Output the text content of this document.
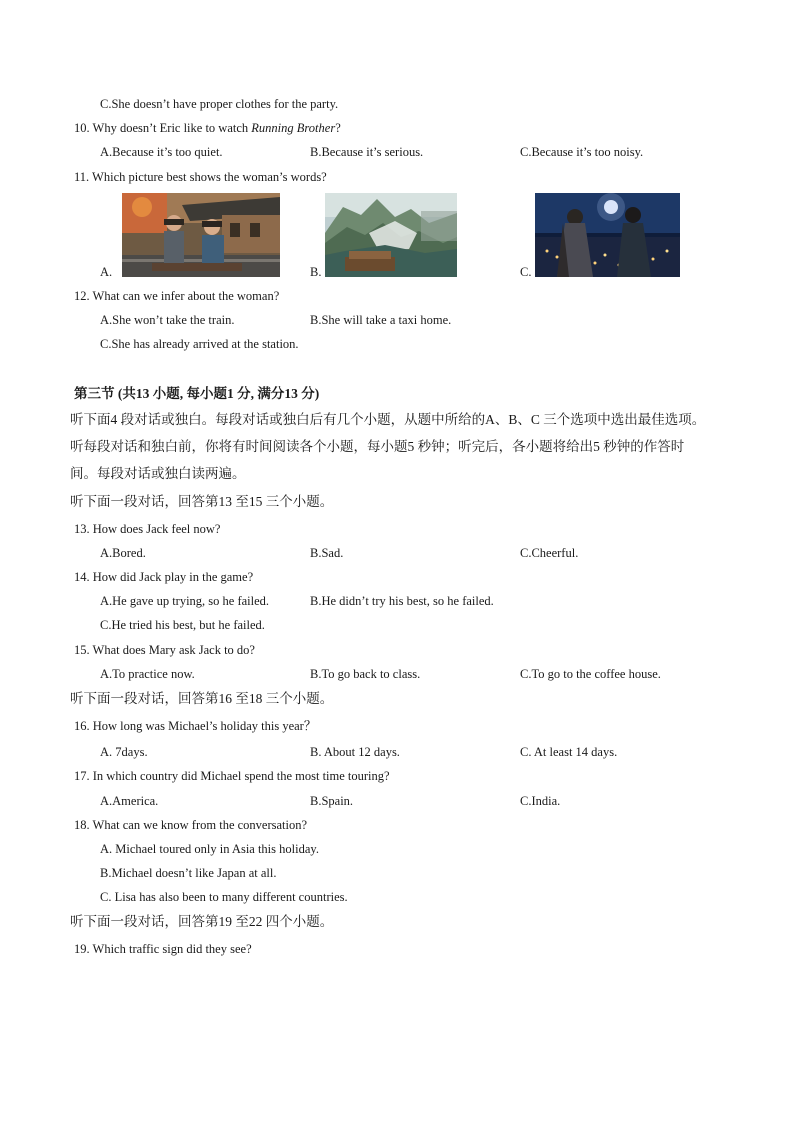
C.She doesn’t have proper clothes for the party.
10. Why doesn’t Eric like to watch Running Brother?
A.Because it’s too quiet.	B.Because it’s serious.	C.Because it’s too noisy.
11. Which picture best shows the woman’s words?
A.	B.	C.
12. What can we infer about the woman?
A.She won’t take the train.	B.She will take a taxi home.
C.She has already arrived at the station.
第三节 (共13 小题, 每小题1 分, 满分13 分)
听下面4 段对话或独白。每段对话或独白后有几个小题，从题中所给的A、B、C 三个选项中选出最佳选项。
听每段对话和独白前，你将有时间阅读各个小题，每小题5 秒钟；听完后，各小题将给出5 秒钟的作答时
间。每段对话或独白读两遍。
听下面一段对话，回答第13 至15 三个小题。
13. How does Jack feel now?
A.Bored.	B.Sad.	C.Cheerful.
14. How did Jack play in the game?
A.He gave up trying, so he failed.	B.He didn’t try his best, so he failed.
C.He tried his best, but he failed.
15. What does Mary ask Jack to do?
A.To practice now.	B.To go back to class.	C.To go to the coffee house.
听下面一段对话，回答第16 至18 三个小题。
16. How long was Michael’s holiday this year？
A. 7days.	B. About 12 days.	C. At least 14 days.
17. In which country did Michael spend the most time touring?
A.America.	B.Spain.	C.India.
18. What can we know from the conversation?
A. Michael toured only in Asia this holiday.
B.Michael doesn’t like Japan at all.
C. Lisa has also been to many different countries.
听下面一段对话，回答第19 至22 四个小题。
19. Which traffic sign did they see?
